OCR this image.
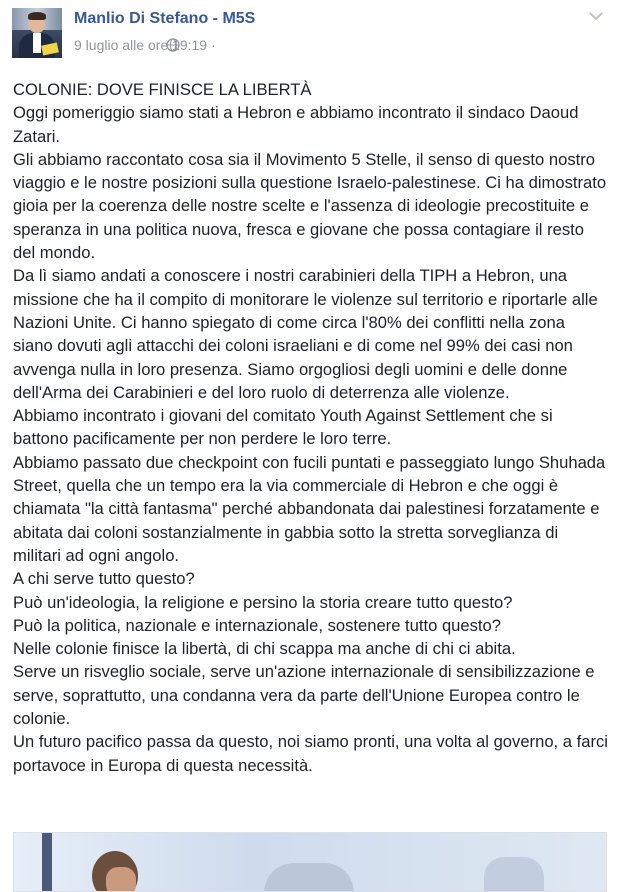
Manlio Di Stefano - M5S
9 luglio alle ore 19:19 ·

COLONIE: DOVE FINISCE LA LIBERTÀ

Oggi pomeriggio siamo stati a Hebron e abbiamo incontrato il sindaco Daoud Zatari.

Gli abbiamo raccontato cosa sia il Movimento 5 Stelle, il senso di questo nostro viaggio e le nostre posizioni sulla questione Israelo-palestinese. Ci ha dimostrato gioia per la coerenza delle nostre scelte e l'assenza di ideologie precostituite e speranza in una politica nuova, fresca e giovane che possa contagiare il resto del mondo.

Da lì siamo andati a conoscere i nostri carabinieri della TIPH a Hebron, una missione che ha il compito di monitorare le violenze sul territorio e riportarle alle Nazioni Unite. Ci hanno spiegato di come circa l'80% dei conflitti nella zona siano dovuti agli attacchi dei coloni israeliani e di come nel 99% dei casi non avvenga nulla in loro presenza. Siamo orgogliosi degli uomini e delle donne dell'Arma dei Carabinieri e del loro ruolo di deterrenza alle violenze.

Abbiamo incontrato i giovani del comitato Youth Against Settlement che si battono pacificamente per non perdere le loro terre.

Abbiamo passato due checkpoint con fucili puntati e passeggiato lungo Shuhada Street, quella che un tempo era la via commerciale di Hebron e che oggi è chiamata "la città fantasma" perché abbandonata dai palestinesi forzatamente e abitata dai coloni sostanzialmente in gabbia sotto la stretta sorveglianza di militari ad ogni angolo.

A chi serve tutto questo?

Può un'ideologia, la religione e persino la storia creare tutto questo?

Può la politica, nazionale e internazionale, sostenere tutto questo?

Nelle colonie finisce la libertà, di chi scappa ma anche di chi ci abita.

Serve un risveglio sociale, serve un'azione internazionale di sensibilizzazione e serve, soprattutto, una condanna vera da parte dell'Unione Europea contro le colonie.

Un futuro pacifico passa da questo, noi siamo pronti, una volta al governo, a farci portavoce in Europa di questa necessità.
